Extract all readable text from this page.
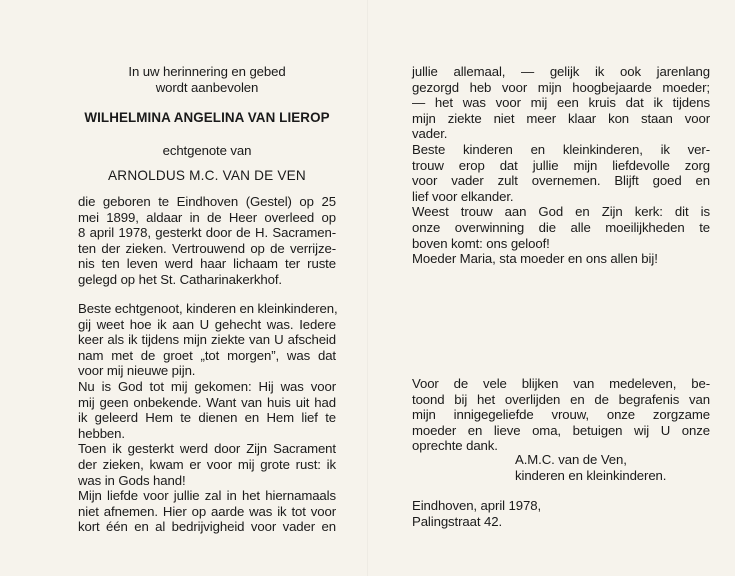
In uw herinnering en gebed

wordt aanbevolen

WILHELMINA ANGELINA VAN LIEROP
echtgenote van
ARNOLDUS M.C. VAN DE VEN
die geboren te Eindhoven (Gestel) op 25
mei 1899, aldaar in de Heer overleed op
8 april 1978, gesterkt door de H. Sacramen-
ten der zieken. Vertrouwend op de verrijze-
nis ten leven werd haar lichaam ter ruste
gelegd op het St. Catharinakerkhof.
Beste echtgenoot, kinderen en kleinkinderen,
gij weet hoe ik aan U gehecht was. Iedere
keer als ik tijdens mijn ziekte van U afscheid
nam met de groet „tot morgen”, was dat
voor mij nieuwe pijn.
Nu is God tot mij gekomen: Hij was voor
mij geen onbekende. Want van huis uit had
ik geleerd Hem te dienen en Hem lief te
hebben.
Toen ik gesterkt werd door Zijn Sacrament
der zieken, kwam er voor mij grote rust: ik
was in Gods hand!
Mijn liefde voor jullie zal in het hiernamaals
niet afnemen. Hier op aarde was ik tot voor
kort één en al bedrijvigheid voor vader en
jullie allemaal, — gelijk ik ook jarenlang
gezorgd heb voor mijn hoogbejaarde moeder;
— het was voor mij een kruis dat ik tijdens
mijn ziekte niet meer klaar kon staan voor
vader.
Beste kinderen en kleinkinderen, ik ver-
trouw erop dat jullie mijn liefdevolle zorg
voor vader zult overnemen. Blijft goed en
lief voor elkander.
Weest trouw aan God en Zijn kerk: dit is
onze overwinning die alle moeilijkheden te
boven komt: ons geloof!
Moeder Maria, sta moeder en ons allen bij!
Voor de vele blijken van medeleven, be-
toond bij het overlijden en de begrafenis van
mijn innigegeliefde vrouw, onze zorgzame
moeder en lieve oma, betuigen wij U onze
oprechte dank.

A.M.C. van de Ven,

kinderen en kleinkinderen.

Eindhoven, april 1978,

Palingstraat 42.
